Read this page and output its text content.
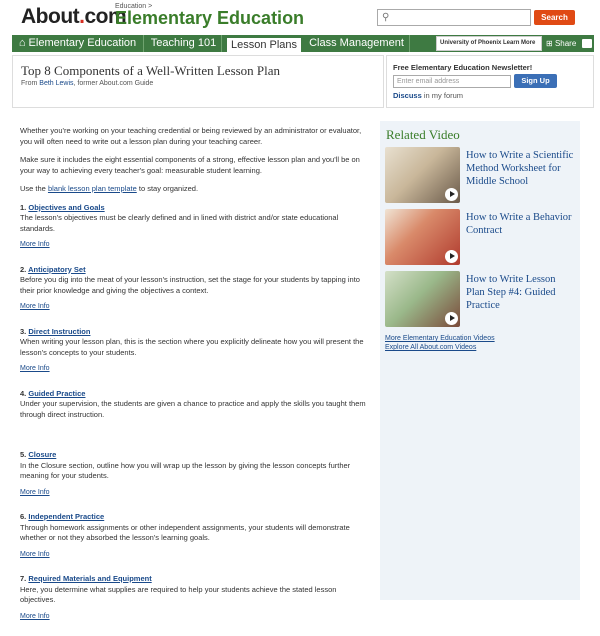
About.com
Education >
Elementary Education	⚲	Search
⌂ Elementary Education	Teaching 101	Lesson Plans	Class Management	University of Phoenix Learn More	⊞ Share
Top 8 Components of a Well-Written Lesson Plan
From Beth Lewis, former About.com Guide
Free Elementary Education Newsletter!
Enter email address	Sign Up
Discuss in my forum

Whether you're working on your teaching credential or being reviewed by an administrator or evaluator, you will often need to write out a lesson plan during your teaching career.

Make sure it includes the eight essential components of a strong, effective lesson plan and you'll be on your way to achieving every teacher's goal: measurable student learning.

Use the blank lesson plan template to stay organized.

1. Objectives and Goals
The lesson's objectives must be clearly defined and in lined with district and/or state educational standards.
More Info
2. Anticipatory Set
Before you dig into the meat of your lesson's instruction, set the stage for your students by tapping into their prior knowledge and giving the objectives a context.
More Info
3. Direct Instruction
When writing your lesson plan, this is the section where you explicitly delineate how you will present the lesson's concepts to your students.
More Info
4. Guided Practice
Under your supervision, the students are given a chance to practice and apply the skills you taught them through direct instruction.
5. Closure
In the Closure section, outline how you will wrap up the lesson by giving the lesson concepts further meaning for your students.
More Info
6. Independent Practice
Through homework assignments or other independent assignments, your students will demonstrate whether or not they absorbed the lesson's learning goals.
More Info
7. Required Materials and Equipment
Here, you determine what supplies are required to help your students achieve the stated lesson objectives.
More Info
Related Video
How to Write a Scientific Method Worksheet for Middle School
How to Write a Behavior Contract
How to Write Lesson Plan Step #4: Guided Practice
More Elementary Education Videos
Explore All About.com Videos
